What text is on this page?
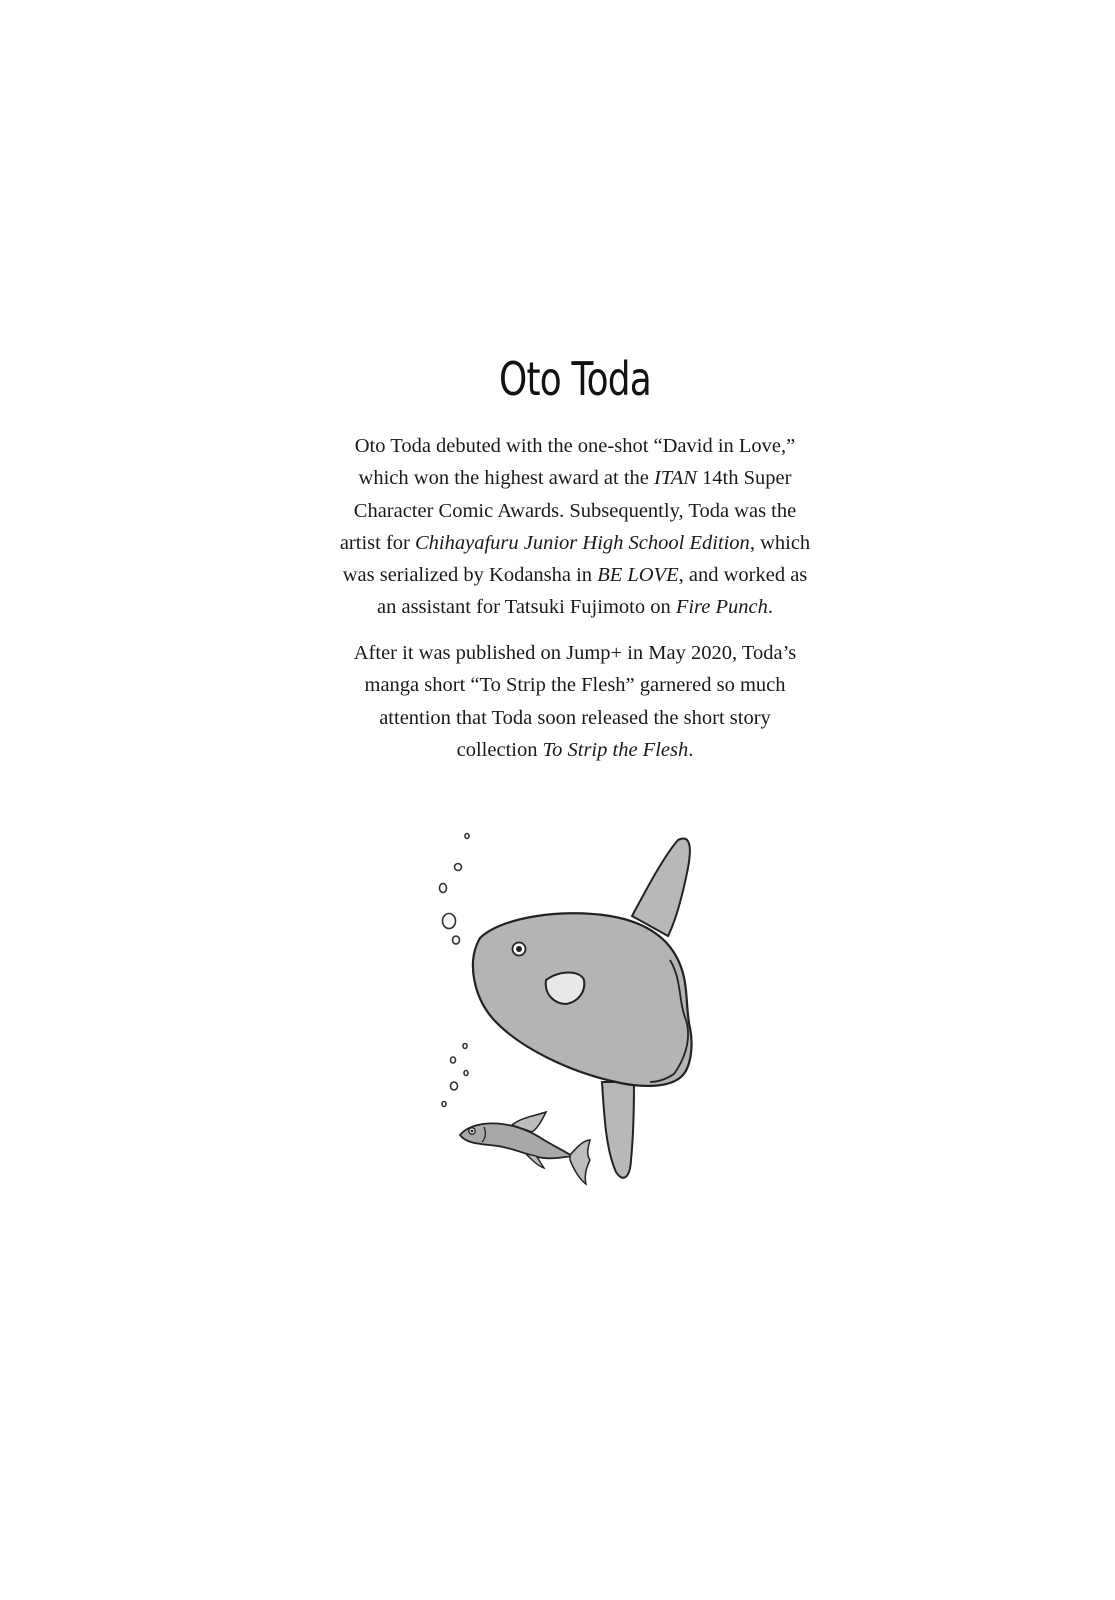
Oto Toda

Oto Toda debuted with the one-shot “David in Love,”
which won the highest award at the ITAN 14th Super
Character Comic Awards. Subsequently, Toda was the
artist for Chihayafuru Junior High School Edition, which
was serialized by Kodansha in BE LOVE, and worked as
an assistant for Tatsuki Fujimoto on Fire Punch.

After it was published on Jump+ in May 2020, Toda’s
manga short “To Strip the Flesh” garnered so much
attention that Toda soon released the short story
collection To Strip the Flesh.
